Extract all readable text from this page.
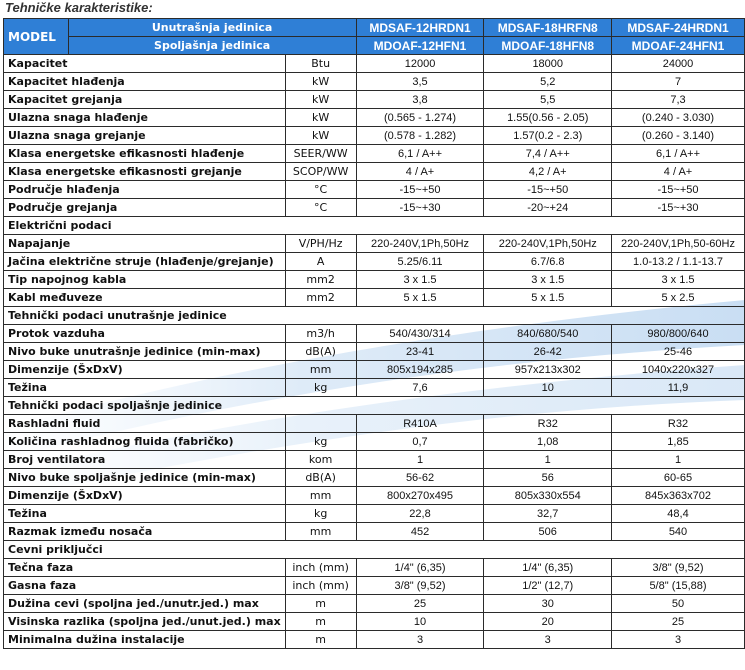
Tehničke karakteristike:
MODEL	Unutrašnja jedinica		MDSAF-12HRDN1	MDSAF-18HRFN8	MDSAF-24HRDN1
	Spoljašnja jedinica		MDOAF-12HFN1	MDOAF-18HFN8	MDOAF-24HFN1
Kapacitet		Btu	12000	18000	24000
Kapacitet hlađenja		kW	3,5	5,2	7
Kapacitet grejanja		kW	3,8	5,5	7,3
Ulazna snaga hlađenje		kW	(0.565 - 1.274)	1.55(0.56 - 2.05)	(0.240 - 3.030)
Ulazna snaga grejanje		kW	(0.578 - 1.282)	1.57(0.2 - 2.3)	(0.260 - 3.140)
Klasa energetske efikasnosti hlađenje		SEER/WW	6,1 / A++	7,4 / A++	6,1 / A++
Klasa energetske efikasnosti grejanje		SCOP/WW	4 / A+	4,2 / A+	4 / A+
Područje hlađenja		°C	-15~+50	-15~+50	-15~+50
Područje grejanja		°C	-15~+30	-20~+24	-15~+30
Električni podaci					
Napajanje		V/PH/Hz	220-240V,1Ph,50Hz	220-240V,1Ph,50Hz	220-240V,1Ph,50-60Hz
Jačina električne struje (hlađenje/grejanje)		A	5.25/6.11	6.7/6.8	1.0-13.2 / 1.1-13.7
Tip napojnog kabla		mm2	3 x 1.5	3 x 1.5	3 x 1.5
Kabl međuveze		mm2	5 x 1.5	5 x 1.5	5 x 2.5
Tehnički podaci unutrašnje jedinice					
Protok vazduha		m3/h	540/430/314	840/680/540	980/800/640
Nivo buke unutrašnje jedinice (min-max)		dB(A)	23-41	26-42	25-46
Dimenzije (ŠxDxV)		mm	805x194x285	957x213x302	1040x220x327
Težina		kg	7,6	10	11,9
Tehnički podaci spoljašnje jedinice					
Rashladni fluid			R410A	R32	R32
Količina rashladnog fluida (fabričko)		kg	0,7	1,08	1,85
Broj ventilatora		kom	1	1	1
Nivo buke spoljašnje jedinice (min-max)		dB(A)	56-62	56	60-65
Dimenzije (ŠxDxV)		mm	800x270x495	805x330x554	845x363x702
Težina		kg	22,8	32,7	48,4
Razmak između nosača		mm	452	506	540
Cevni priključci					
Tečna faza		inch (mm)	1/4" (6,35)	1/4" (6,35)	3/8" (9,52)
Gasna faza		inch (mm)	3/8" (9,52)	1/2" (12,7)	5/8" (15,88)
Dužina cevi (spoljna jed./unutr.jed.) max		m	25	30	50
Visinska razlika (spoljna jed./unut.jed.) max		m	10	20	25
Minimalna dužina instalacije		m	3	3	3
